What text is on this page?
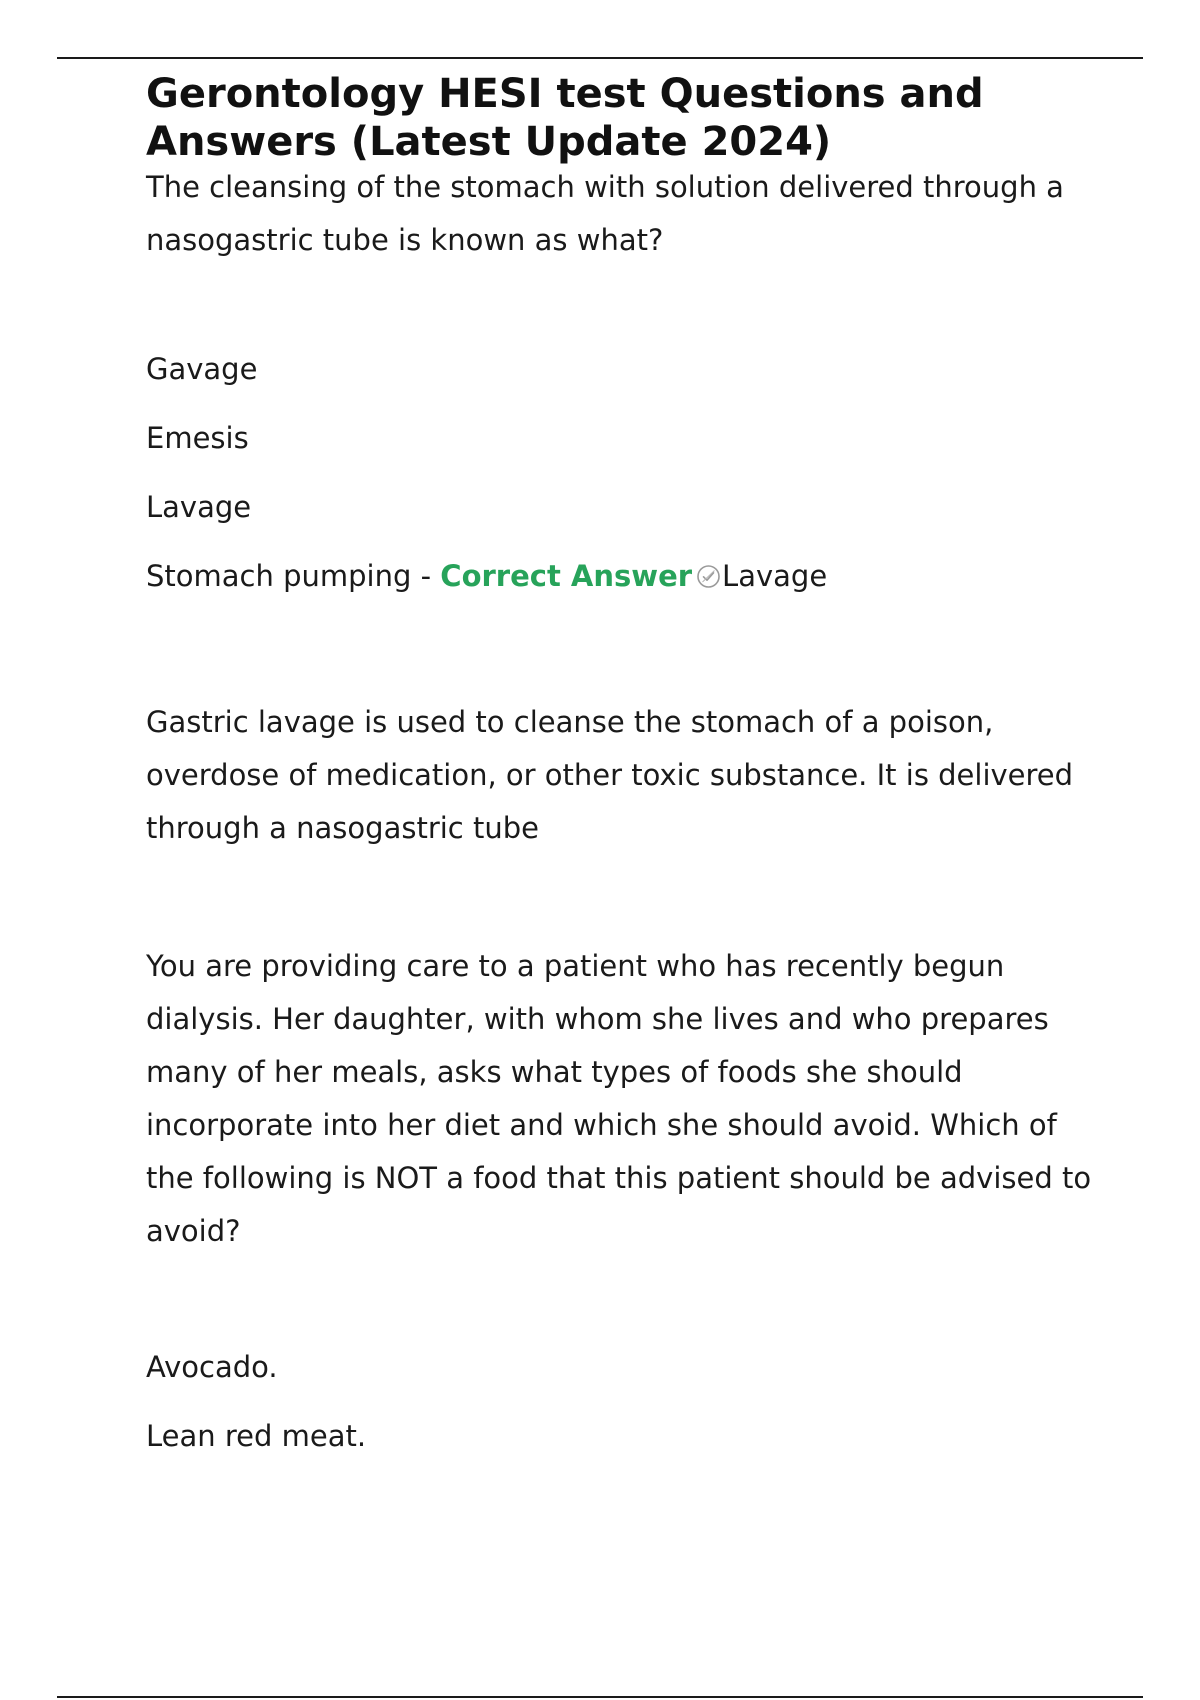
Gerontology HESI test Questions and Answers (Latest Update 2024)

The cleansing of the stomach with solution delivered through a nasogastric tube is known as what?

Gavage

Emesis

Lavage

Stomach pumping - Correct Answer Lavage

Gastric lavage is used to cleanse the stomach of a poison, overdose of medication, or other toxic substance. It is delivered through a nasogastric tube

You are providing care to a patient who has recently begun dialysis. Her daughter, with whom she lives and who prepares many of her meals, asks what types of foods she should incorporate into her diet and which she should avoid. Which of the following is NOT a food that this patient should be advised to avoid?

Avocado.

Lean red meat.
